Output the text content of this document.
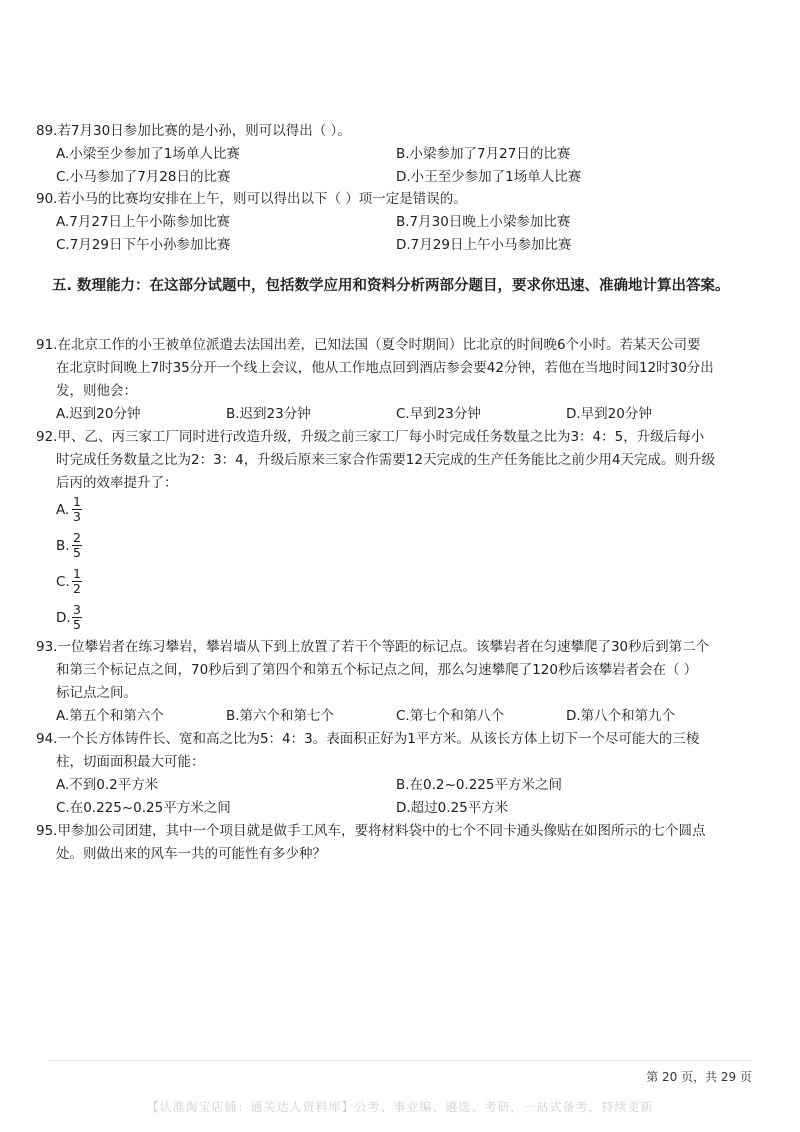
89.若7月30日参加比赛的是小孙，则可以得出（ ）。

A.小梁至少参加了1场单人比赛	B.小梁参加了7月27日的比赛
C.小马参加了7月28日的比赛	D.小王至少参加了1场单人比赛

90.若小马的比赛均安排在上午，则可以得出以下（ ）项一定是错误的。

A.7月27日上午小陈参加比赛	B.7月30日晚上小梁参加比赛
C.7月29日下午小孙参加比赛	D.7月29日上午小马参加比赛
五. 数理能力：在这部分试题中，包括数学应用和资料分析两部分题目，要求你迅速、准确地计算出答案。

91.在北京工作的小王被单位派遣去法国出差，已知法国（夏令时期间）比北京的时间晚6个小时。若某天公司要

在北京时间晚上7时35分开一个线上会议，他从工作地点回到酒店参会要42分钟，若他在当地时间12时30分出

发，则他会：

A.迟到20分钟	B.迟到23分钟	C.早到23分钟	D.早到20分钟

92.甲、乙、丙三家工厂同时进行改造升级，升级之前三家工厂每小时完成任务数量之比为3：4：5，升级后每小

时完成任务数量之比为2：3：4，升级后原来三家合作需要12天完成的生产任务能比之前少用4天完成。则升级

后丙的效率提升了：

A. $\frac{1}{3}$
B. $\frac{2}{5}$
C. $\frac{1}{2}$
D. $\frac{3}{5}$

93.一位攀岩者在练习攀岩，攀岩墙从下到上放置了若干个等距的标记点。该攀岩者在匀速攀爬了30秒后到第二个

和第三个标记点之间，70秒后到了第四个和第五个标记点之间，那么匀速攀爬了120秒后该攀岩者会在（ ）

标记点之间。

A.第五个和第六个	B.第六个和第七个	C.第七个和第八个	D.第八个和第九个

94.一个长方体铸件长、宽和高之比为5：4：3。表面积正好为1平方米。从该长方体上切下一个尽可能大的三棱

柱，切面面积最大可能：

A.不到0.2平方米	B.在0.2~0.225平方米之间
C.在0.225~0.25平方米之间	D.超过0.25平方米

95.甲参加公司团建，其中一个项目就是做手工风车，要将材料袋中的七个不同卡通头像贴在如图所示的七个圆点

处。则做出来的风车一共的可能性有多少种？

第 20 页，共 29 页
【认准淘宝店铺：通关达人资料库】公考、事业编、遴选、考研，一站式备考，持续更新
